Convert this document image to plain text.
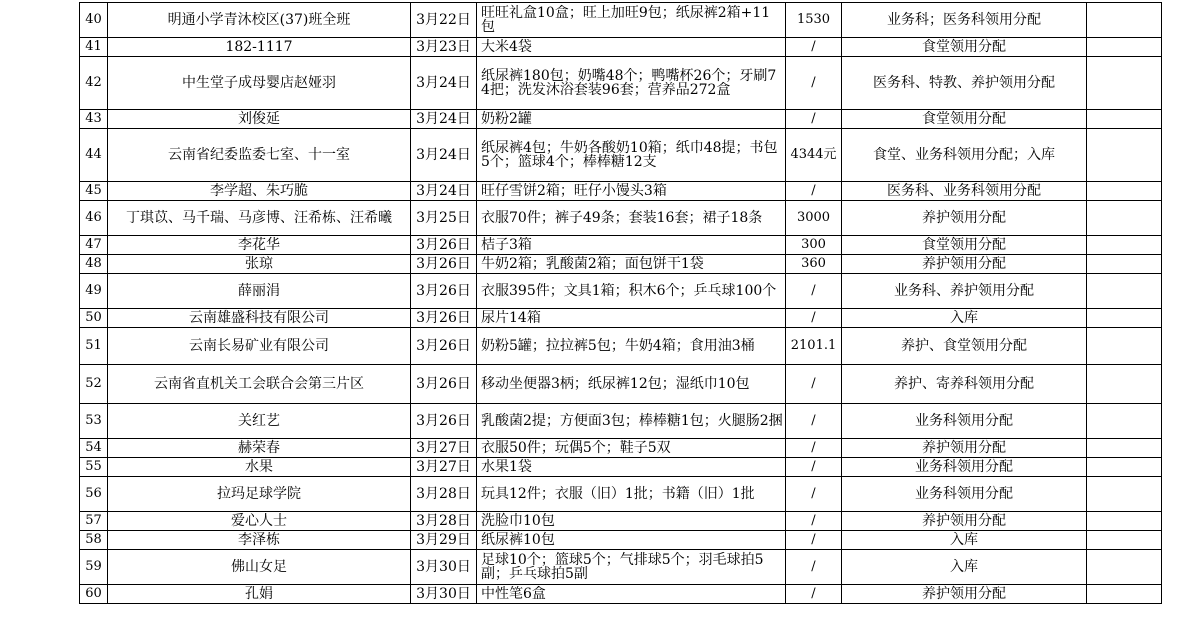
40	明通小学青沐校区(37)班全班	3月22日	旺旺礼盒10盒；旺上加旺9包；纸尿裤2箱+11包	1530	业务科；医务科领用分配	
41	182-1117	3月23日	大米4袋	/	食堂领用分配	
42	中生堂子成母婴店赵娅羽	3月24日	纸尿裤180包；奶嘴48个；鸭嘴杯26个；牙刷74把；洗发沐浴套装96套；营养品272盒	/	医务科、特教、养护领用分配	
43	刘俊延	3月24日	奶粉2罐	/	食堂领用分配	
44	云南省纪委监委七室、十一室	3月24日	纸尿裤4包；牛奶各酸奶10箱；纸巾48提；书包5个；篮球4个；棒棒糖12支	4344元	食堂、业务科领用分配；入库	
45	李学超、朱巧脆	3月24日	旺仔雪饼2箱；旺仔小馒头3箱	/	医务科、业务科领用分配	
46	丁琪苡、马千瑞、马彦博、汪希栋、汪希曦	3月25日	衣服70件；裤子49条；套装16套；裙子18条	3000	养护领用分配	
47	李花华	3月26日	桔子3箱	300	食堂领用分配	
48	张琼	3月26日	牛奶2箱；乳酸菌2箱；面包饼干1袋	360	养护领用分配	
49	薛丽涓	3月26日	衣服395件；文具1箱；积木6个；乒乓球100个	/	业务科、养护领用分配	
50	云南雄盛科技有限公司	3月26日	尿片14箱	/	入库	
51	云南长易矿业有限公司	3月26日	奶粉5罐；拉拉裤5包；牛奶4箱；食用油3桶	2101.1	养护、食堂领用分配	
52	云南省直机关工会联合会第三片区	3月26日	移动坐便器3柄；纸尿裤12包；湿纸巾10包	/	养护、寄养科领用分配	
53	关红艺	3月26日	乳酸菌2提；方便面3包；棒棒糖1包；火腿肠2捆	/	业务科领用分配	
54	赫荣春	3月27日	衣服50件；玩偶5个；鞋子5双	/	养护领用分配	
55	水果	3月27日	水果1袋	/	业务科领用分配	
56	拉玛足球学院	3月28日	玩具12件；衣服（旧）1批；书籍（旧）1批	/	业务科领用分配	
57	爱心人士	3月28日	洗脸巾10包	/	养护领用分配	
58	李泽栋	3月29日	纸尿裤10包	/	入库	
59	佛山女足	3月30日	足球10个；篮球5个；气排球5个；羽毛球拍5副；乒乓球拍5副	/	入库	
60	孔娟	3月30日	中性笔6盒	/	养护领用分配	
